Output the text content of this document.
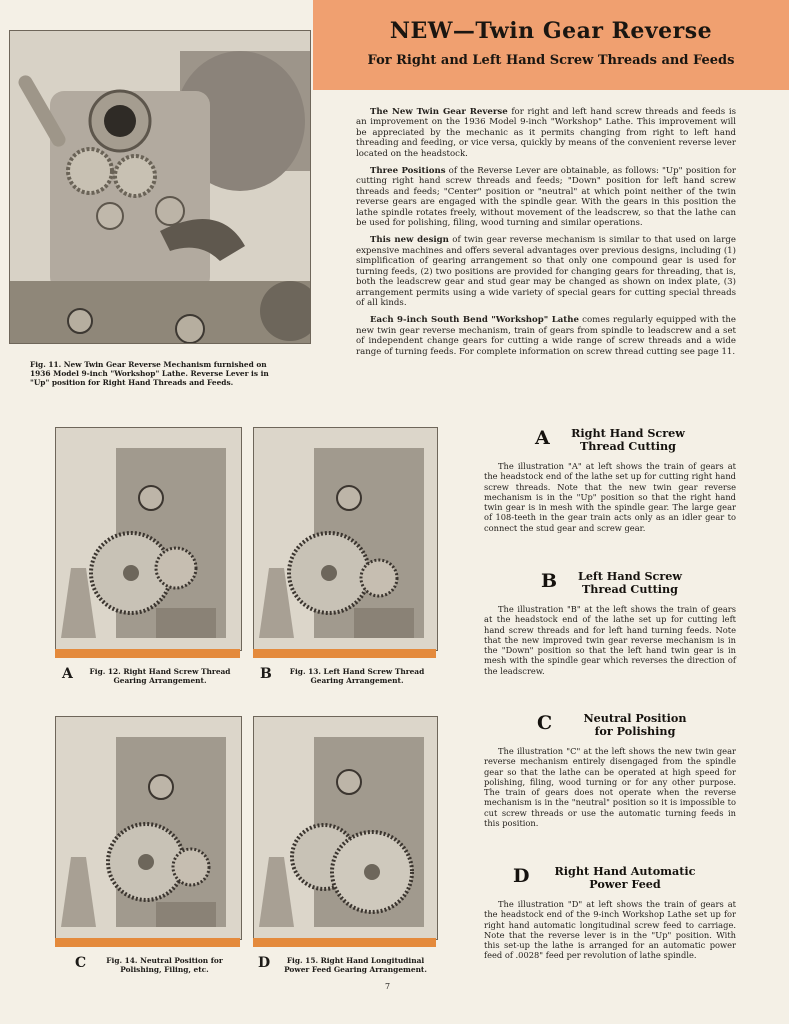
NEW—Twin Gear Reverse
For Right and Left Hand Screw Threads and Feeds
Fig. 11. New Twin Gear Reverse Mechanism furnished on 1936 Model 9-inch "Workshop" Lathe. Reverse Lever is in "Up" position for Right Hand Threads and Feeds.

The New Twin Gear Reverse for right and left hand screw threads and feeds is an improvement on the 1936 Model 9-inch "Workshop" Lathe. This improvement will be appreciated by the mechanic as it permits changing from right to left hand threading and feeding, or vice versa, quickly by means of the convenient reverse lever located on the headstock.

Three Positions of the Reverse Lever are obtainable, as follows: "Up" position for cutting right hand screw threads and feeds; "Down" position for left hand screw threads and feeds; "Center" position or "neutral" at which point neither of the twin reverse gears are engaged with the spindle gear. With the gears in this position the lathe spindle rotates freely, without movement of the leadscrew, so that the lathe can be used for polishing, filing, wood turning and similar operations.

This new design of twin gear reverse mechanism is similar to that used on large expensive machines and offers several advantages over previous designs, including (1) simplification of gearing arrangement so that only one compound gear is used for turning feeds, (2) two positions are provided for changing gears for threading, that is, both the leadscrew gear and stud gear may be changed as shown on index plate, (3) arrangement permits using a wide variety of special gears for cutting special threads of all kinds.

Each 9-inch South Bend "Workshop" Lathe comes regularly equipped with the new twin gear reverse mechanism, train of gears from spindle to leadscrew and a set of independent change gears for cutting a wide range of screw threads and a wide range of turning feeds. For complete information on screw thread cutting see page 11.

A	Fig. 12. Right Hand Screw Thread Gearing Arrangement.	B	Fig. 13. Left Hand Screw Thread Gearing Arrangement.
C	Fig. 14. Neutral Position for Polishing, Filing, etc.	D	Fig. 15. Right Hand Longitudinal Power Feed Gearing Arrangement.
A	Right Hand Screw
Thread Cutting

The illustration "A" at left shows the train of gears at the headstock end of the lathe set up for cutting right hand screw threads. Note that the new twin gear reverse mechanism is in the "Up" position so that the right hand twin gear is in mesh with the spindle gear. The large gear of 108-teeth in the gear train acts only as an idler gear to connect the stud gear and screw gear.

B	Left Hand Screw
Thread Cutting

The illustration "B" at the left shows the train of gears at the headstock end of the lathe set up for cutting left hand screw threads and for left hand turning feeds. Note that the new improved twin gear reverse mechanism is in the "Down" position so that the left hand twin gear is in mesh with the spindle gear which reverses the direction of the leadscrew.

C	Neutral Position
for Polishing

The illustration "C" at the left shows the new twin gear reverse mechanism entirely disengaged from the spindle gear so that the lathe can be operated at high speed for polishing, filing, wood turning or for any other purpose. The train of gears does not operate when the reverse mechanism is in the "neutral" position so it is impossible to cut screw threads or use the automatic turning feeds in this position.

D	Right Hand Automatic
Power Feed

The illustration "D" at left shows the train of gears at the headstock end of the 9-inch Workshop Lathe set up for right hand automatic longitudinal screw feed to carriage. Note that the reverse lever is in the "Up" position. With this set-up the lathe is arranged for an automatic power feed of .0028" feed per revolution of lathe spindle.

7
